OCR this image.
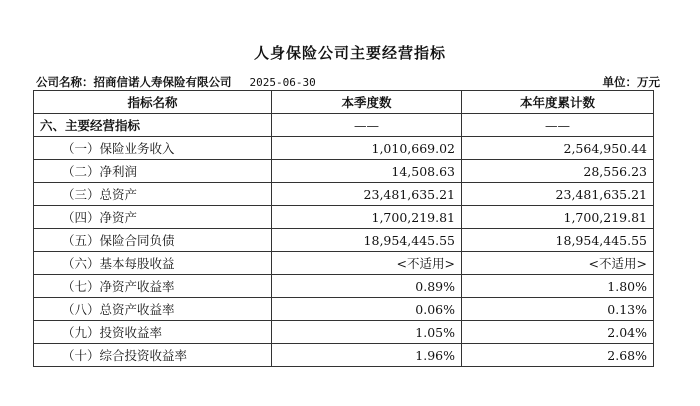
人身保险公司主要经营指标
公司名称：招商信诺人寿保险有限公司 2025-06-30	单位：万元
指标名称	本季度数	本年度累计数
六、主要经营指标	——	——
（一）保险业务收入	1,010,669.02	2,564,950.44
（二）净利润	14,508.63	28,556.23
（三）总资产	23,481,635.21	23,481,635.21
（四）净资产	1,700,219.81	1,700,219.81
（五）保险合同负债	18,954,445.55	18,954,445.55
（六）基本每股收益	<不适用>	<不适用>
（七）净资产收益率	0.89%	1.80%
（八）总资产收益率	0.06%	0.13%
（九）投资收益率	1.05%	2.04%
（十）综合投资收益率	1.96%	2.68%
